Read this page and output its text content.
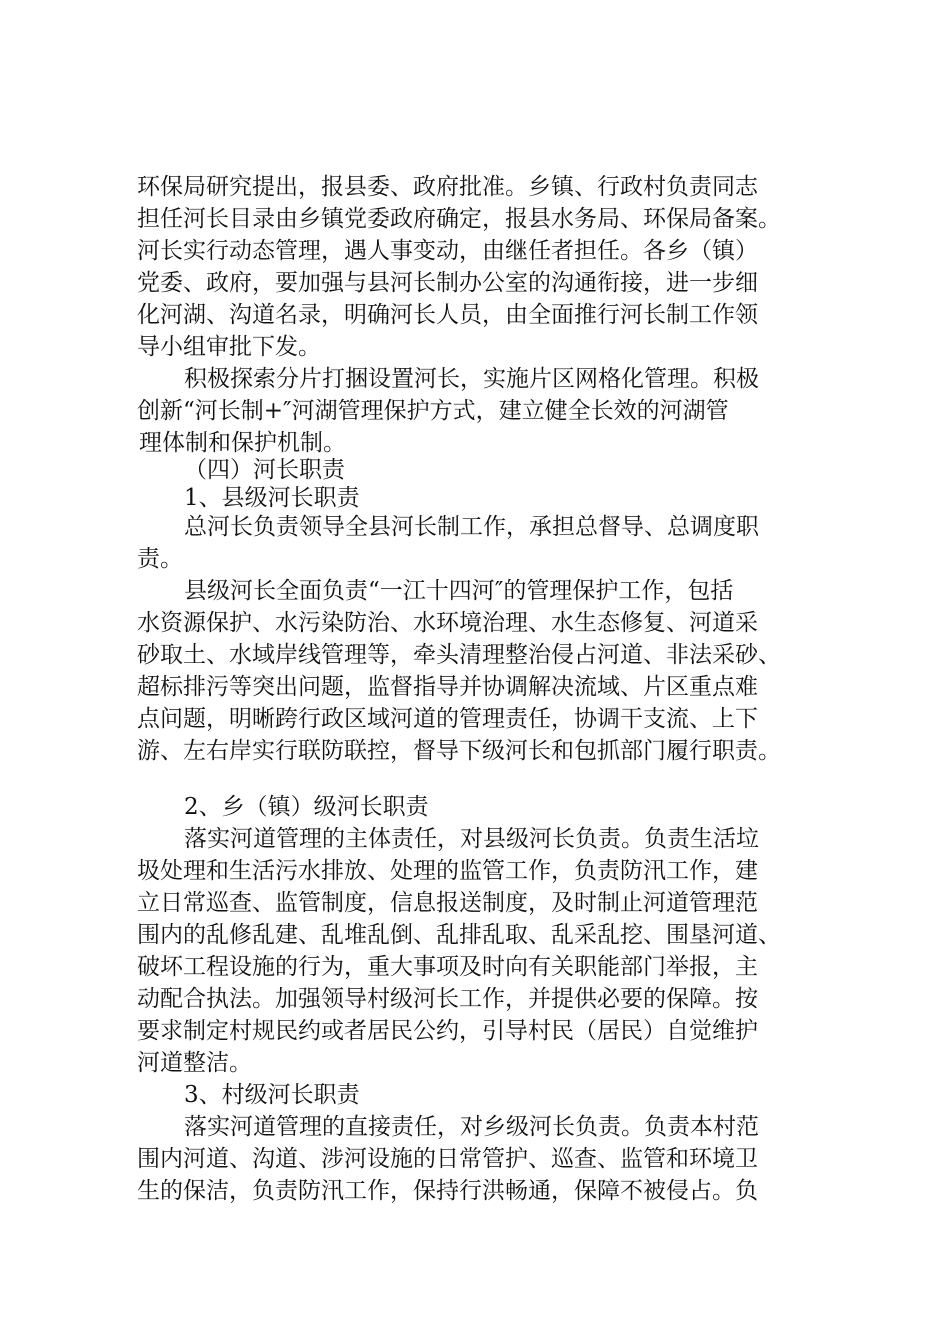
环保局研究提出，报县委、政府批准。乡镇、行政村负责同志
担任河长目录由乡镇党委政府确定，报县水务局、环保局备案。
河长实行动态管理，遇人事变动，由继任者担任。各乡（镇）
党委、政府，要加强与县河长制办公室的沟通衔接，进一步细
化河湖、沟道名录，明确河长人员，由全面推行河长制工作领
导小组审批下发。
积极探索分片打捆设置河长，实施片区网格化管理。积极
创新“河长制+″河湖管理保护方式，建立健全长效的河湖管
理体制和保护机制。
（四）河长职责
1、县级河长职责
总河长负责领导全县河长制工作，承担总督导、总调度职
责。
县级河长全面负责“一江十四河″的管理保护工作，包括
水资源保护、水污染防治、水环境治理、水生态修复、河道采
砂取土、水域岸线管理等，牵头清理整治侵占河道、非法采砂、
超标排污等突出问题，监督指导并协调解决流域、片区重点难
点问题，明晰跨行政区域河道的管理责任，协调干支流、上下
游、左右岸实行联防联控，督导下级河长和包抓部门履行职责。
2、乡（镇）级河长职责
落实河道管理的主体责任，对县级河长负责。负责生活垃
圾处理和生活污水排放、处理的监管工作，负责防汛工作，建
立日常巡查、监管制度，信息报送制度，及时制止河道管理范
围内的乱修乱建、乱堆乱倒、乱排乱取、乱采乱挖、围垦河道、
破坏工程设施的行为，重大事项及时向有关职能部门举报，主
动配合执法。加强领导村级河长工作，并提供必要的保障。按
要求制定村规民约或者居民公约，引导村民（居民）自觉维护
河道整洁。
3、村级河长职责
落实河道管理的直接责任，对乡级河长负责。负责本村范
围内河道、沟道、涉河设施的日常管护、巡查、监管和环境卫
生的保洁，负责防汛工作，保持行洪畅通，保障不被侵占。负
